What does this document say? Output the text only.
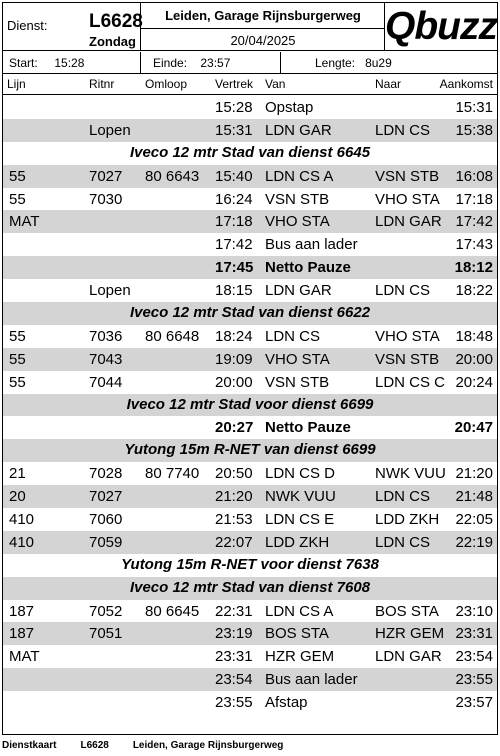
Dienst: L6628
Zondag
Leiden, Garage Rijnsburgerweg
20/04/2025	Qbuzz
Start: 15:28	Einde: 23:57	Lengte: 8u29
Lijn	Ritnr	Omloop Vertrek Van	Naar	Aankomst
15:28 Opstap	15:31
Lopen	15:31 LDN GAR	LDN CS 15:38
Iveco 12 mtr Stad van dienst 6645
55	7027 80 6643 15:40 LDN CS A	VSN STB 16:08
55	7030	16:24 VSN STB	VHO STA 17:18
MAT	17:18 VHO STA	LDN GAR 17:42
17:42 Bus aan lader	17:43
17:45 Netto Pauze	18:12
Lopen	18:15 LDN GAR	LDN CS 18:22
Iveco 12 mtr Stad van dienst 6622
55	7036 80 6648 18:24 LDN CS	VHO STA 18:48
55	7043	19:09 VHO STA	VSN STB 20:00
55	7044	20:00 VSN STB	LDN CS C 20:24
Iveco 12 mtr Stad voor dienst 6699
20:27 Netto Pauze	20:47
Yutong 15m R-NET van dienst 6699
21	7028 80 7740 20:50 LDN CS D	NWK VUU 21:20
20	7027	21:20 NWK VUU	LDN CS 21:48
410	7060	21:53 LDN CS E	LDD ZKH 22:05
410	7059	22:07 LDD ZKH	LDN CS 22:19
Yutong 15m R-NET voor dienst 7638
Iveco 12 mtr Stad van dienst 7608
187	7052 80 6645 22:31 LDN CS A	BOS STA 23:10
187	7051	23:19 BOS STA	HZR GEM 23:31
MAT	23:31 HZR GEM	LDN GAR 23:54
23:54 Bus aan lader	23:55
23:55 Afstap	23:57
Dienstkaart L6628 Leiden, Garage Rijnsburgerweg
